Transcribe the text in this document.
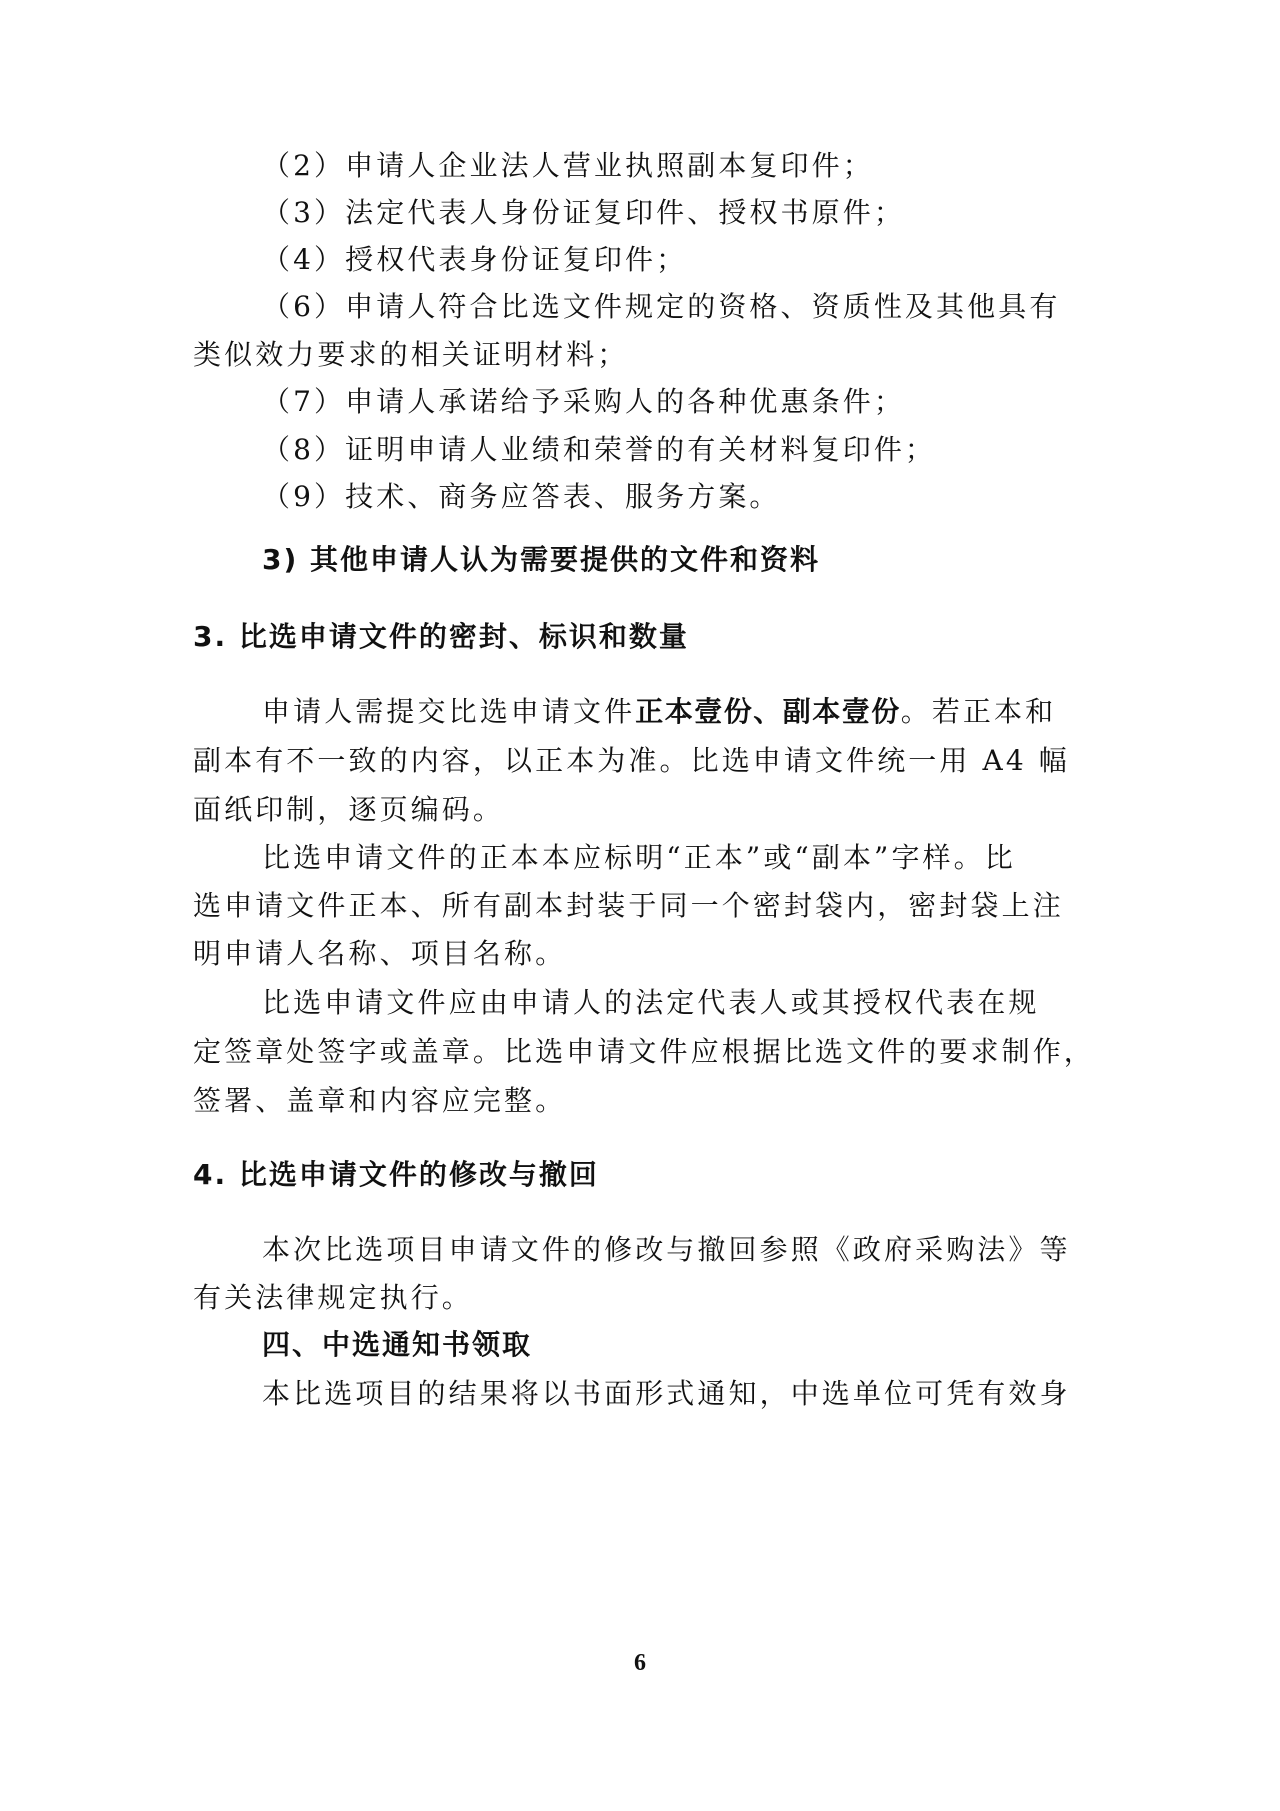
（2）申请人企业法人营业执照副本复印件；
（3）法定代表人身份证复印件、授权书原件；
（4）授权代表身份证复印件；
（6）申请人符合比选文件规定的资格、资质性及其他具有
类似效力要求的相关证明材料；
（7）申请人承诺给予采购人的各种优惠条件；
（8）证明申请人业绩和荣誉的有关材料复印件；
（9）技术、商务应答表、服务方案。
3) 其他申请人认为需要提供的文件和资料
3. 比选申请文件的密封、标识和数量
申请人需提交比选申请文件正本壹份、副本壹份。若正本和
副本有不一致的内容，以正本为准。比选申请文件统一用 A4 幅
面纸印制，逐页编码。
比选申请文件的正本本应标明“正本”或“副本”字样。比
选申请文件正本、所有副本封装于同一个密封袋内，密封袋上注
明申请人名称、项目名称。
比选申请文件应由申请人的法定代表人或其授权代表在规
定签章处签字或盖章。比选申请文件应根据比选文件的要求制作，
签署、盖章和内容应完整。
4. 比选申请文件的修改与撤回
本次比选项目申请文件的修改与撤回参照《政府采购法》等
有关法律规定执行。
四、中选通知书领取
本比选项目的结果将以书面形式通知，中选单位可凭有效身
6
